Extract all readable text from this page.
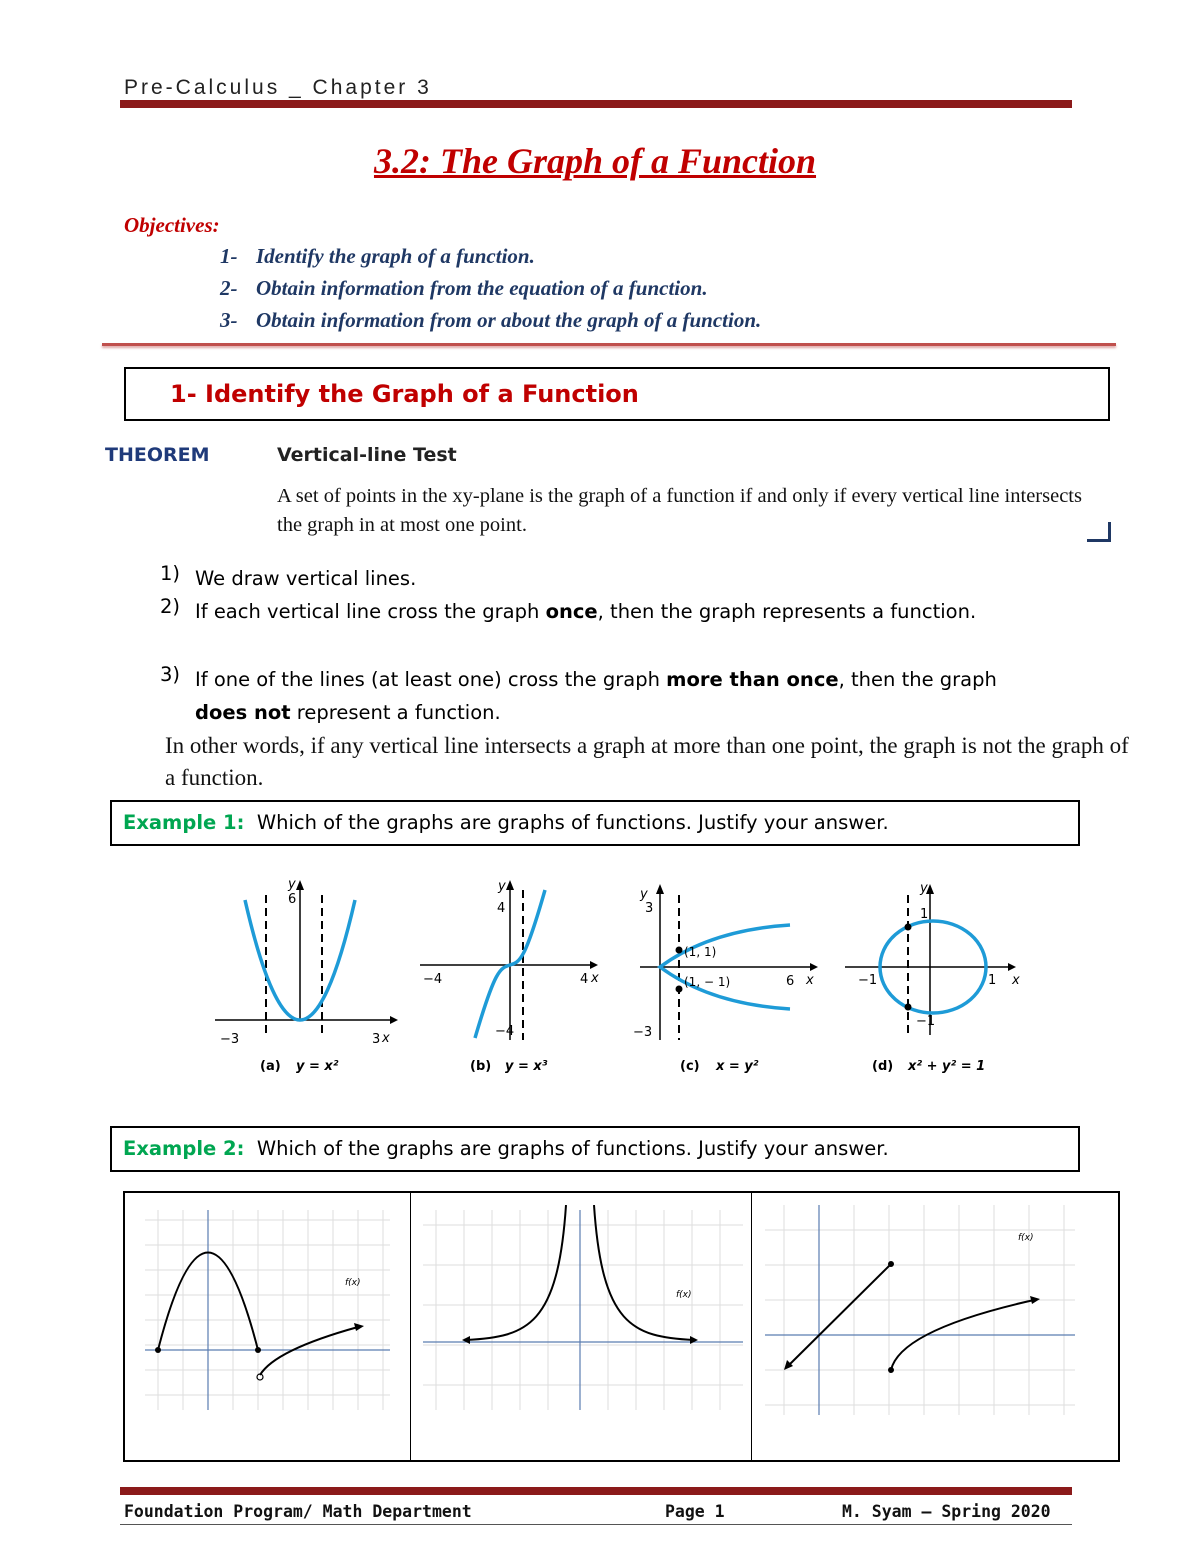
Pre-Calculus _ Chapter 3
3.2: The Graph of a Function
Objectives:
1- Identify the graph of a function.
2- Obtain information from the equation of a function.
3- Obtain information from or about the graph of a function.
1- Identify the Graph of a Function
THEOREM	Vertical-line Test
A set of points in the xy-plane is the graph of a function if and only if every vertical line intersects the graph in at most one point.
1) We draw vertical lines.
2) If each vertical line cross the graph once, then the graph represents a function.
3) If one of the lines (at least one) cross the graph more than once, then the graph does not represent a function.
In other words, if any vertical line intersects a graph at more than one point, the graph is not the graph of a function.
Example 1: Which of the graphs are graphs of functions. Justify your answer.
−3	3 x
6
y
(a) y = x²
−4	4 x
4
−4
y
(b) y = x³
(1, 1)
(1, − 1)	6 x
3
−3
y
(c) x = y²
−1	1 x
1
−1
y
(d) x² + y² = 1
Example 2: Which of the graphs are graphs of functions. Justify your answer.
f(x)
f(x)
f(x)
Foundation Program/ Math Department	Page 1	M. Syam – Spring 2020
